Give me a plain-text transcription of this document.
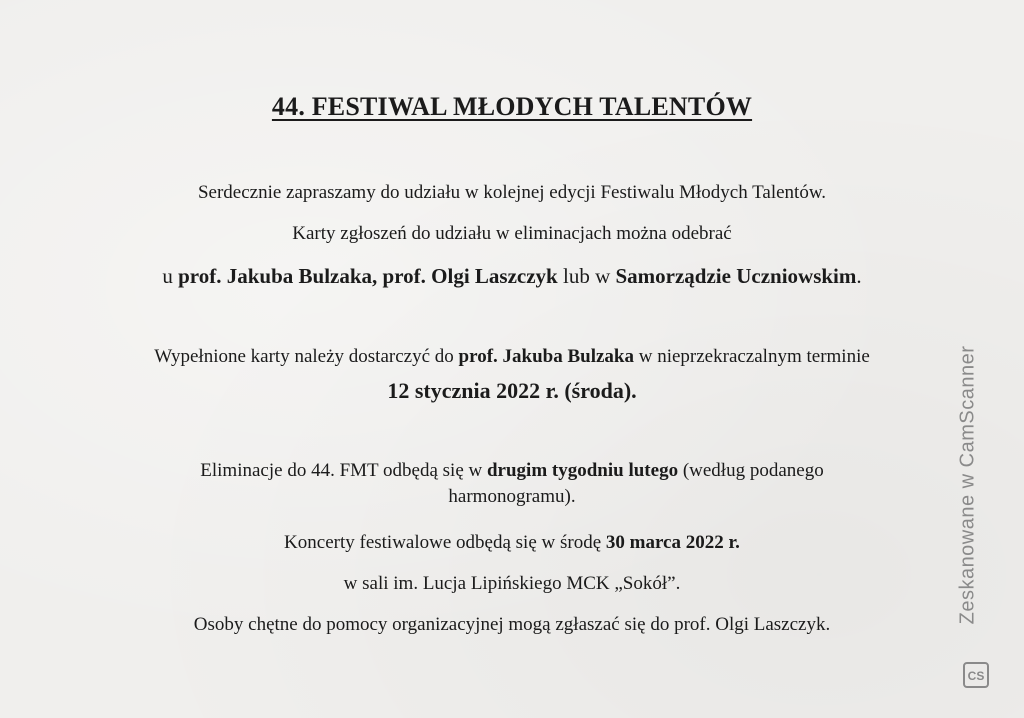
44. FESTIWAL MŁODYCH TALENTÓW
Serdecznie zapraszamy do udziału w kolejnej edycji Festiwalu Młodych Talentów.
Karty zgłoszeń do udziału w eliminacjach można odebrać
u prof. Jakuba Bulzaka, prof. Olgi Laszczyk lub w Samorządzie Uczniowskim.
Wypełnione karty należy dostarczyć do prof. Jakuba Bulzaka w nieprzekraczalnym terminie
12 stycznia 2022 r. (środa).
Eliminacje do 44. FMT odbędą się w drugim tygodniu lutego (według podanego
harmonogramu).
Koncerty festiwalowe odbędą się w środę 30 marca 2022 r.
w sali im. Lucja Lipińskiego MCK „Sokół”.
Osoby chętne do pomocy organizacyjnej mogą zgłaszać się do prof. Olgi Laszczyk.
Zeskanowane w CamScanner
CS
